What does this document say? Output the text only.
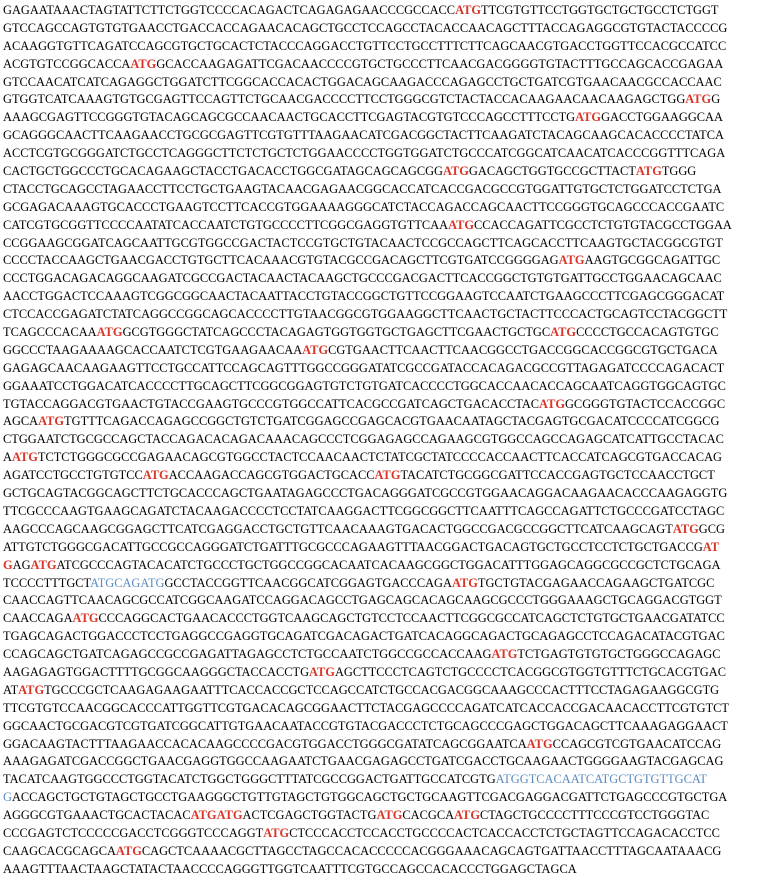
GAGAATAAACTAGTATTCTTCTGGTCCCCACAGACTCAGAGAGAACCCGCCACCATGTTCGTGTTCCTGGTGCTGCTGCCTCTGGT
GTCCAGCCAGTGTGTGAACCTGACCACCAGAACACAGCTGCCTCCAGCCTACACCAACAGCTTTACCAGAGGCGTGTACTACCCCG
ACAAGGTGTTCAGATCCAGCGTGCTGCACTCTACCCAGGACCTGTTCCTGCCTTTCTTCAGCAACGTGACCTGGTTCCACGCCATCC
ACGTGTCCGGCACCAATGGCACCAAGAGATTCGACAACCCCGTGCTGCCCTTCAACGACGGGGTGTACTTTGCCAGCACCGAGAA
GTCCAACATCATCAGAGGCTGGATCTTCGGCACCACACTGGACAGCAAGACCCAGAGCCTGCTGATCGTGAACAACGCCACCAAC
GTGGTCATCAAAGTGTGCGAGTTCCAGTTCTGCAACGACCCCTTCCTGGGCGTCTACTACCACAAGAACAACAAGAGCTGGATGG
AAAGCGAGTTCCGGGTGTACAGCAGCGCCAACAACTGCACCTTCGAGTACGTGTCCCAGCCTTTCCTGATGGACCTGGAAGGCAA
GCAGGGCAACTTCAAGAACCTGCGCGAGTTCGTGTTTAAGAACATCGACGGCTACTTCAAGATCTACAGCAAGCACACCCCTATCA
ACCTCGTGCGGGATCTGCCTCAGGGCTTCTCTGCTCTGGAACCCCTGGTGGATCTGCCCATCGGCATCAACATCACCCGGTTTCAGA
CACTGCTGGCCCTGCACAGAAGCTACCTGACACCTGGCGATAGCAGCAGCGGATGGACAGCTGGTGCCGCTTACTATGTGGG
CTACCTGCAGCCTAGAACCTTCCTGCTGAAGTACAACGAGAACGGCACCATCACCGACGCCGTGGATTGTGCTCTGGATCCTCTGA
GCGAGACAAAGTGCACCCTGAAGTCCTTCACCGTGGAAAAGGGCATCTACCAGACCAGCAACTTCCGGGTGCAGCCCACCGAATC
CATCGTGCGGTTCCCCAATATCACCAATCTGTGCCCCTTCGGCGAGGTGTTCAAATGCCACCAGATTCGCCTCTGTGTACGCCTGGAA
CCGGAAGCGGATCAGCAATTGCGTGGCCGACTACTCCGTGCTGTACAACTCCGCCAGCTTCAGCACCTTCAAGTGCTACGGCGTGT
CCCCTACCAAGCTGAACGACCTGTGCTTCACAAACGTGTACGCCGACAGCTTCGTGATCCGGGGAGATGAAGTGCGGCAGATTGC
CCCTGGACAGACAGGCAAGATCGCCGACTACAACTACAAGCTGCCCGACGACTTCACCGGCTGTGTGATTGCCTGGAACAGCAAC
AACCTGGACTCCAAAGTCGGCGGCAACTACAATTACCTGTACCGGCTGTTCCGGAAGTCCAATCTGAAGCCCTTCGAGCGGGACAT
CTCCACCGAGATCTATCAGGCCGGCAGCACCCCTTGTAACGGCGTGGAAGGCTTCAACTGCTACTTCCCACTGCAGTCCTACGGCTT
TCAGCCCACAAATGGCGTGGGCTATCAGCCCTACAGAGTGGTGGTGCTGAGCTTCGAACTGCTGCATGCCCCTGCCACAGTGTGC
GGCCCTAAGAAAAGCACCAATCTCGTGAAGAACAAATGCGTGAACTTCAACTTCAACGGCCTGACCGGCACCGGCGTGCTGACA
GAGAGCAACAAGAAGTTCCTGCCATTCCAGCAGTTTGGCCGGGATATCGCCGATACCACAGACGCCGTTAGAGATCCCCAGACACT
GGAAATCCTGGACATCACCCCTTGCAGCTTCGGCGGAGTGTCTGTGATCACCCCTGGCACCAACACCAGCAATCAGGTGGCAGTGC
TGTACCAGGACGTGAACTGTACCGAAGTGCCCGTGGCCATTCACGCCGATCAGCTGACACCTACATGGCGGGTGTACTCCACCGGC
AGCAATGTGTTTCAGACCAGAGCCGGCTGTCTGATCGGAGCCGAGCACGTGAACAATAGCTACGAGTGCGACATCCCCATCGGCG
CTGGAATCTGCGCCAGCTACCAGACACAGACAAACAGCCCTCGGAGAGCCAGAAGCGTGGCCAGCCAGAGCATCATTGCCTACAC
AATGTCTCTGGGCGCCGAGAACAGCGTGGCCTACTCCAACAACTCTATCGCTATCCCCACCAACTTCACCATCAGCGTGACCACAG
AGATCCTGCCTGTGTCCATGACCAAGACCAGCGTGGACTGCACCATGTACATCTGCGGCGATTCCACCGAGTGCTCCAACCTGCT
GCTGCAGTACGGCAGCTTCTGCACCCAGCTGAATAGAGCCCTGACAGGGATCGCCGTGGAACAGGACAAGAACACCCAAGAGGTG
TTCGCCCAAGTGAAGCAGATCTACAAGACCCCTCCTATCAAGGACTTCGGCGGCTTCAATTTCAGCCAGATTCTGCCCGATCCTAGC
AAGCCCAGCAAGCGGAGCTTCATCGAGGACCTGCTGTTCAACAAAGTGACACTGGCCGACGCCGGCTTCATCAAGCAGTATGGCG
ATTGTCTGGGCGACATTGCCGCCAGGGATCTGATTTGCGCCCAGAAGTTTAACGGACTGACAGTGCTGCCTCCTCTGCTGACCGAT
GAGATGATCGCCCAGTACACATCTGCCCTGCTGGCCGGCACAATCACAAGCGGCTGGACATTTGGAGCAGGCGCCGCTCTGCAGA
TCCCCTTTGCTATGCAGATGGCCTACCGGTTCAACGGCATCGGAGTGACCCAGAATGTGCTGTACGAGAACCAGAAGCTGATCGC
CAACCAGTTCAACAGCGCCATCGGCAAGATCCAGGACAGCCTGAGCAGCACAGCAAGCGCCCTGGGAAAGCTGCAGGACGTGGT
CAACCAGAATGCCCAGGCACTGAACACCCTGGTCAAGCAGCTGTCCTCCAACTTCGGCGCCATCAGCTCTGTGCTGAACGATATCC
TGAGCAGACTGGACCCTCCTGAGGCCGAGGTGCAGATCGACAGACTGATCACAGGCAGACTGCAGAGCCTCCAGACATACGTGAC
CCAGCAGCTGATCAGAGCCGCCGAGATTAGAGCCTCTGCCAATCTGGCCGCCACCAAGATGTCTGAGTGTGTGCTGGGCCAGAGC
AAGAGAGTGGACTTTTGCGGCAAGGGCTACCACCTGATGAGCTTCCCTCAGTCTGCCCCTCACGGCGTGGTGTTTCTGCACGTGAC
ATATGTGCCCGCTCAAGAGAAGAATTTCACCACCGCTCCAGCCATCTGCCACGACGGCAAAGCCCACTTTCCTAGAGAAGGCGTG
TTCGTGTCCAACGGCACCCATTGGTTCGTGACACAGCGGAACTTCTACGAGCCCCAGATCATCACCACCGACAACACCTTCGTGTCT
GGCAACTGCGACGTCGTGATCGGCATTGTGAACAATACCGTGTACGACCCTCTGCAGCCCGAGCTGGACAGCTTCAAAGAGGAACT
GGACAAGTACTTTAAGAACCACACAAGCCCCGACGTGGACCTGGGCGATATCAGCGGAATCAATGCCAGCGTCGTGAACATCCAG
AAAGAGATCGACCGGCTGAACGAGGTGGCCAAGAATCTGAACGAGAGCCTGATCGACCTGCAAGAACTGGGGAAGTACGAGCAG
TACATCAAGTGGCCCTGGTACATCTGGCTGGGCTTTATCGCCGGACTGATTGCCATCGTGATGGTCACAATCATGCTGTGTTGCAT
GACCAGCTGCTGTAGCTGCCTGAAGGGCTGTTGTAGCTGTGGCAGCTGCTGCAAGTTCGACGAGGACGATTCTGAGCCCGTGCTGA
AGGGCGTGAAACTGCACTACACATGATGACTCGAGCTGGTACTGATGCACGCAATGCTAGCTGCCCCTTTCCCGTCCTGGGTAC
CCCGAGTCTCCCCCGACCTCGGGTCCCAGGTATGCTCCCACCTCCACCTGCCCCACTCACCACCTCTGCTAGTTCCAGACACCTCC
CAAGCACGCAGCAATGCAGCTCAAAACGCTTAGCCTAGCCACACCCCCACGGGAAACAGCAGTGATTAACCTTTAGCAATAAACG
AAAGTTTAACTAAGCTATACTAACCCCAGGGTTGGTCAATTTCGTGCCAGCCACACCCTGGAGCTAGCA
